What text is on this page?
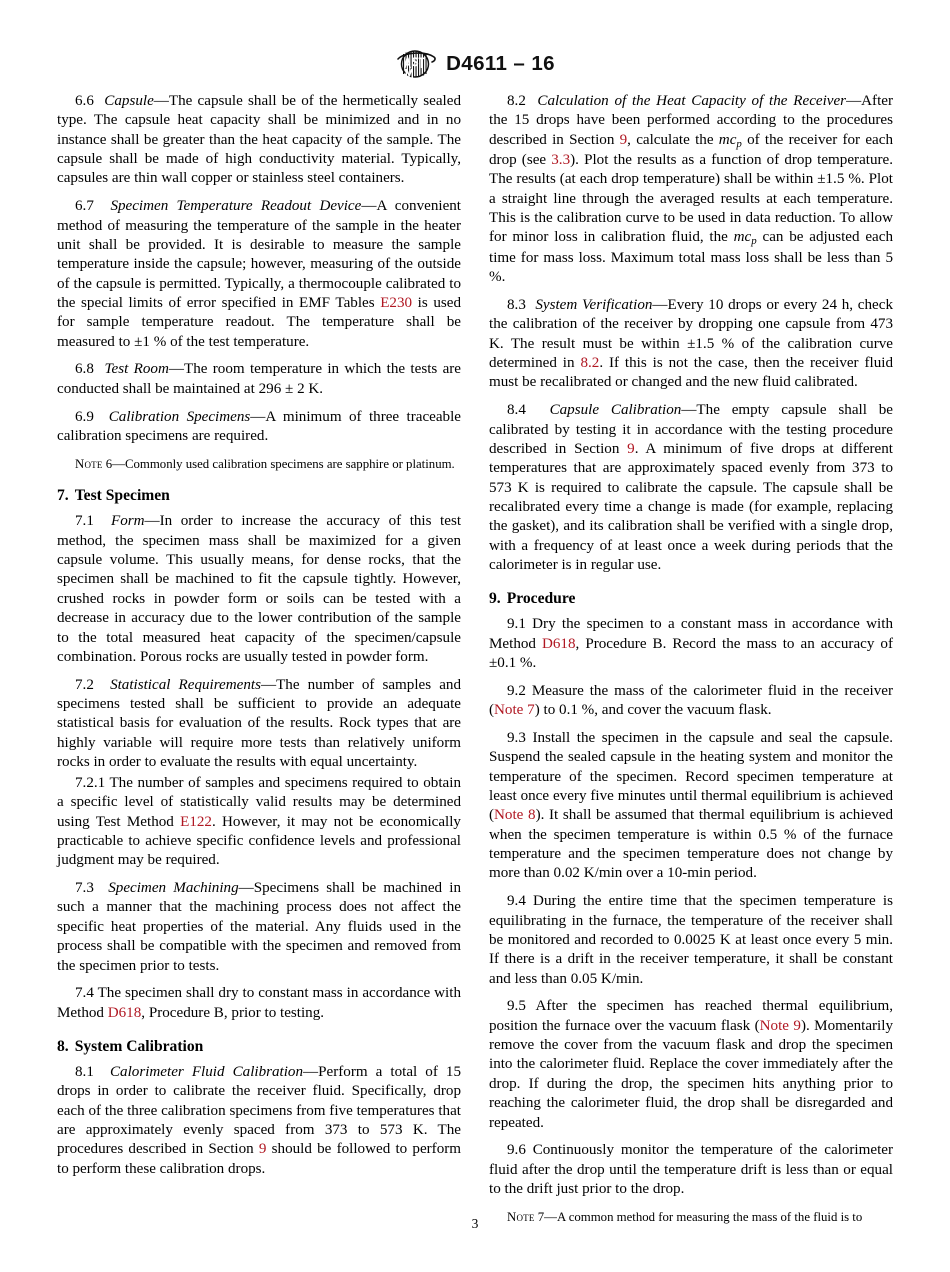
D4611 – 16

6.6 Capsule—The capsule shall be of the hermetically sealed type. The capsule heat capacity shall be minimized and in no instance shall be greater than the heat capacity of the sample. The capsule shall be made of high conductivity material. Typically, capsules are thin wall copper or stainless steel containers.

6.7 Specimen Temperature Readout Device—A convenient method of measuring the temperature of the sample in the heater unit shall be provided. It is desirable to measure the sample temperature inside the capsule; however, measuring of the outside of the capsule is permitted. Typically, a thermocouple calibrated to the special limits of error specified in EMF Tables E230 is used for sample temperature readout. The temperature shall be measured to ±1 % of the test temperature.

6.8 Test Room—The room temperature in which the tests are conducted shall be maintained at 296 ± 2 K.

6.9 Calibration Specimens—A minimum of three traceable calibration specimens are required.

Note 6—Commonly used calibration specimens are sapphire or platinum.

7. Test Specimen

7.1 Form—In order to increase the accuracy of this test method, the specimen mass shall be maximized for a given capsule volume. This usually means, for dense rocks, that the specimen shall be machined to fit the capsule tightly. However, crushed rocks in powder form or soils can be tested with a decrease in accuracy due to the lower contribution of the sample to the total measured heat capacity of the specimen/capsule combination. Porous rocks are usually tested in powder form.

7.2 Statistical Requirements—The number of samples and specimens tested shall be sufficient to provide an adequate statistical basis for evaluation of the results. Rock types that are highly variable will require more tests than relatively uniform rocks in order to evaluate the results with equal uncertainty.

7.2.1 The number of samples and specimens required to obtain a specific level of statistically valid results may be determined using Test Method E122. However, it may not be economically practicable to achieve specific confidence levels and professional judgment may be required.

7.3 Specimen Machining—Specimens shall be machined in such a manner that the machining process does not affect the specific heat properties of the material. Any fluids used in the process shall be compatible with the specimen and removed from the specimen prior to tests.

7.4 The specimen shall dry to constant mass in accordance with Method D618, Procedure B, prior to testing.

8. System Calibration

8.1 Calorimeter Fluid Calibration—Perform a total of 15 drops in order to calibrate the receiver fluid. Specifically, drop each of the three calibration specimens from five temperatures that are approximately evenly spaced from 373 to 573 K. The procedures described in Section 9 should be followed to perform to perform these calibration drops.

8.2 Calculation of the Heat Capacity of the Receiver—After the 15 drops have been performed according to the procedures described in Section 9, calculate the $mc_p$ of the receiver for each drop (see 3.3). Plot the results as a function of drop temperature. The results (at each drop temperature) shall be within ±1.5 %. Plot a straight line through the averaged results at each temperature. This is the calibration curve to be used in data reduction. To allow for minor loss in calibration fluid, the $mc_p$ can be adjusted each time for mass loss. Maximum total mass loss shall be less than 5 %.

8.3 System Verification—Every 10 drops or every 24 h, check the calibration of the receiver by dropping one capsule from 473 K. The result must be within ±1.5 % of the calibration curve determined in 8.2. If this is not the case, then the receiver fluid must be recalibrated or changed and the new fluid calibrated.

8.4 Capsule Calibration—The empty capsule shall be calibrated by testing it in accordance with the testing procedure described in Section 9. A minimum of five drops at different temperatures that are approximately spaced evenly from 373 to 573 K is required to calibrate the capsule. The capsule shall be recalibrated every time a change is made (for example, replacing the gasket), and its calibration shall be verified with a single drop, with a frequency of at least once a week during periods that the calorimeter is in regular use.

9. Procedure

9.1 Dry the specimen to a constant mass in accordance with Method D618, Procedure B. Record the mass to an accuracy of ±0.1 %.

9.2 Measure the mass of the calorimeter fluid in the receiver (Note 7) to 0.1 %, and cover the vacuum flask.

9.3 Install the specimen in the capsule and seal the capsule. Suspend the sealed capsule in the heating system and monitor the temperature of the specimen. Record specimen temperature at least once every five minutes until thermal equilibrium is achieved (Note 8). It shall be assumed that thermal equilibrium is achieved when the specimen temperature is within 0.5 % of the furnace temperature and the specimen temperature does not change by more than 0.02 K/min over a 10-min period.

9.4 During the entire time that the specimen temperature is equilibrating in the furnace, the temperature of the receiver shall be monitored and recorded to 0.0025 K at least once every 5 min. If there is a drift in the receiver temperature, it shall be constant and less than 0.05 K/min.

9.5 After the specimen has reached thermal equilibrium, position the furnace over the vacuum flask (Note 9). Momentarily remove the cover from the vacuum flask and drop the specimen into the calorimeter fluid. Replace the cover immediately after the drop. If during the drop, the specimen hits anything prior to reaching the calorimeter fluid, the drop shall be disregarded and repeated.

9.6 Continuously monitor the temperature of the calorimeter fluid after the drop until the temperature drift is less than or equal to the drift just prior to the drop.

Note 7—A common method for measuring the mass of the fluid is to

3
